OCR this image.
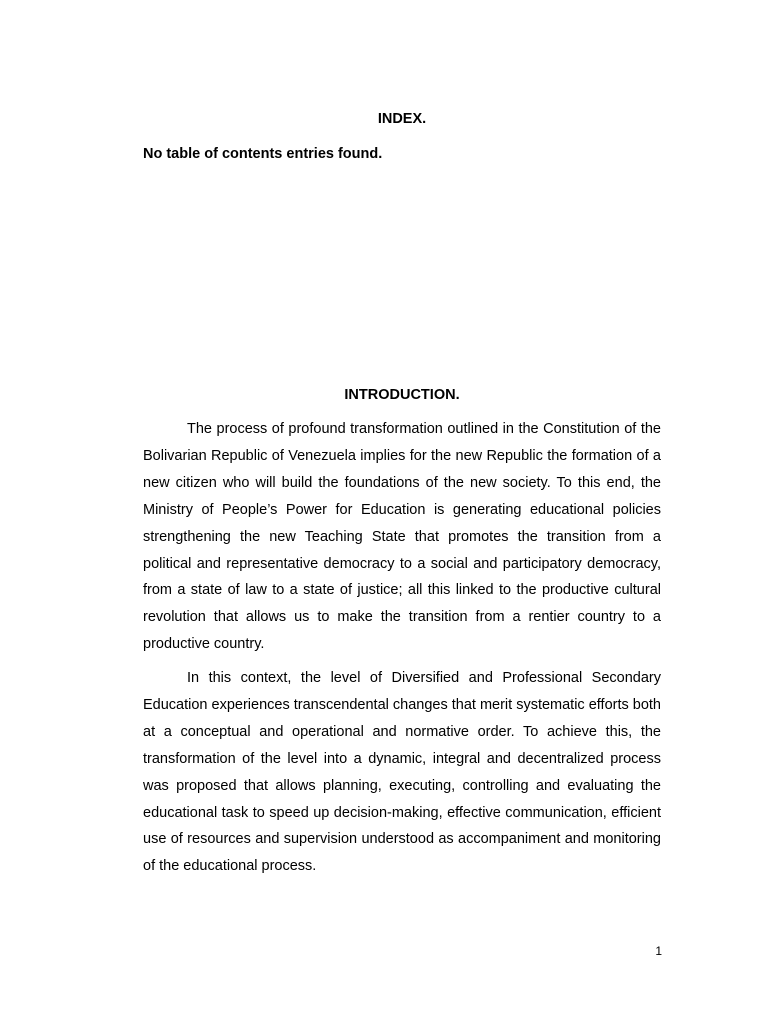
INDEX.

No table of contents entries found.

INTRODUCTION.

The process of profound transformation outlined in the Constitution of the Bolivarian Republic of Venezuela implies for the new Republic the formation of a new citizen who will build the foundations of the new society. To this end, the Ministry of People’s Power for Education is generating educational policies strengthening the new Teaching State that promotes the transition from a political and representative democracy to a social and participatory democracy, from a state of law to a state of justice; all this linked to the productive cultural revolution that allows us to make the transition from a rentier country to a productive country.

In this context, the level of Diversified and Professional Secondary Education experiences transcendental changes that merit systematic efforts both at a conceptual and operational and normative order. To achieve this, the transformation of the level into a dynamic, integral and decentralized process was proposed that allows planning, executing, controlling and evaluating the educational task to speed up decision-making, effective communication, efficient use of resources and supervision understood as accompaniment and monitoring of the educational process.

1
